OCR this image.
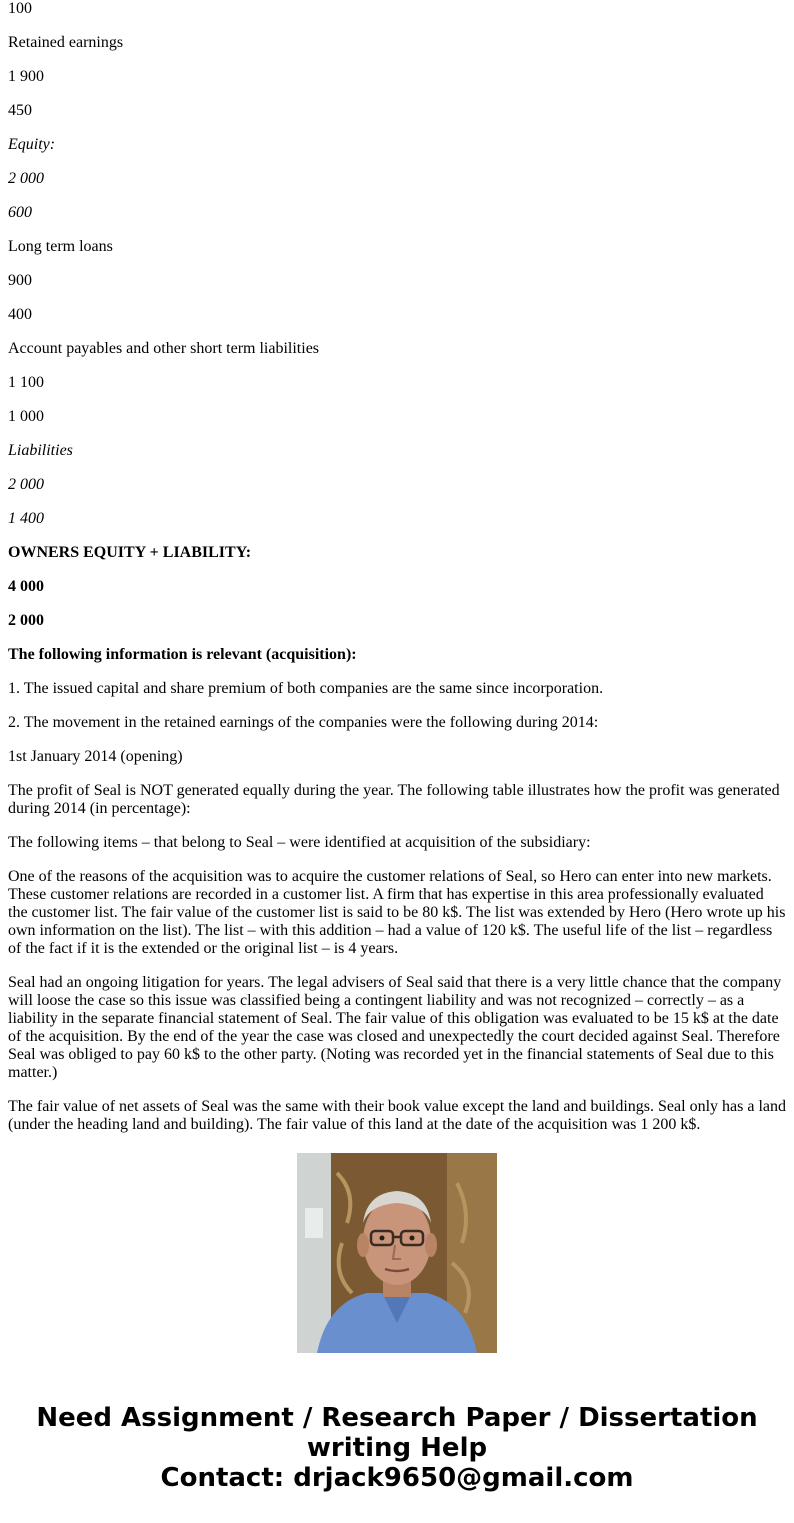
100

Retained earnings

1 900

450

Equity:

2 000

600

Long term loans

900

400

Account payables and other short term liabilities

1 100

1 000

Liabilities

2 000

1 400

OWNERS EQUITY + LIABILITY:

4 000

2 000

The following information is relevant (acquisition):

1. The issued capital and share premium of both companies are the same since incorporation.

2. The movement in the retained earnings of the companies were the following during 2014:

1st January 2014 (opening)

The profit of Seal is NOT generated equally during the year. The following table illustrates how the profit was generated during 2014 (in percentage):

The following items – that belong to Seal – were identified at acquisition of the subsidiary:

One of the reasons of the acquisition was to acquire the customer relations of Seal, so Hero can enter into new markets. These customer relations are recorded in a customer list. A firm that has expertise in this area professionally evaluated the customer list. The fair value of the customer list is said to be 80 k$. The list was extended by Hero (Hero wrote up his own information on the list). The list – with this addition – had a value of 120 k$. The useful life of the list – regardless of the fact if it is the extended or the original list – is 4 years.

Seal had an ongoing litigation for years. The legal advisers of Seal said that there is a very little chance that the company will loose the case so this issue was classified being a contingent liability and was not recognized – correctly – as a liability in the separate financial statement of Seal. The fair value of this obligation was evaluated to be 15 k$ at the date of the acquisition. By the end of the year the case was closed and unexpectedly the court decided against Seal. Therefore Seal was obliged to pay 60 k$ to the other party. (Noting was recorded yet in the financial statements of Seal due to this matter.)

The fair value of net assets of Seal was the same with their book value except the land and buildings. Seal only has a land (under the heading land and building). The fair value of this land at the date of the acquisition was 1 200 k$.

Need Assignment / Research Paper / Dissertation
writing Help
Contact: drjack9650@gmail.com
